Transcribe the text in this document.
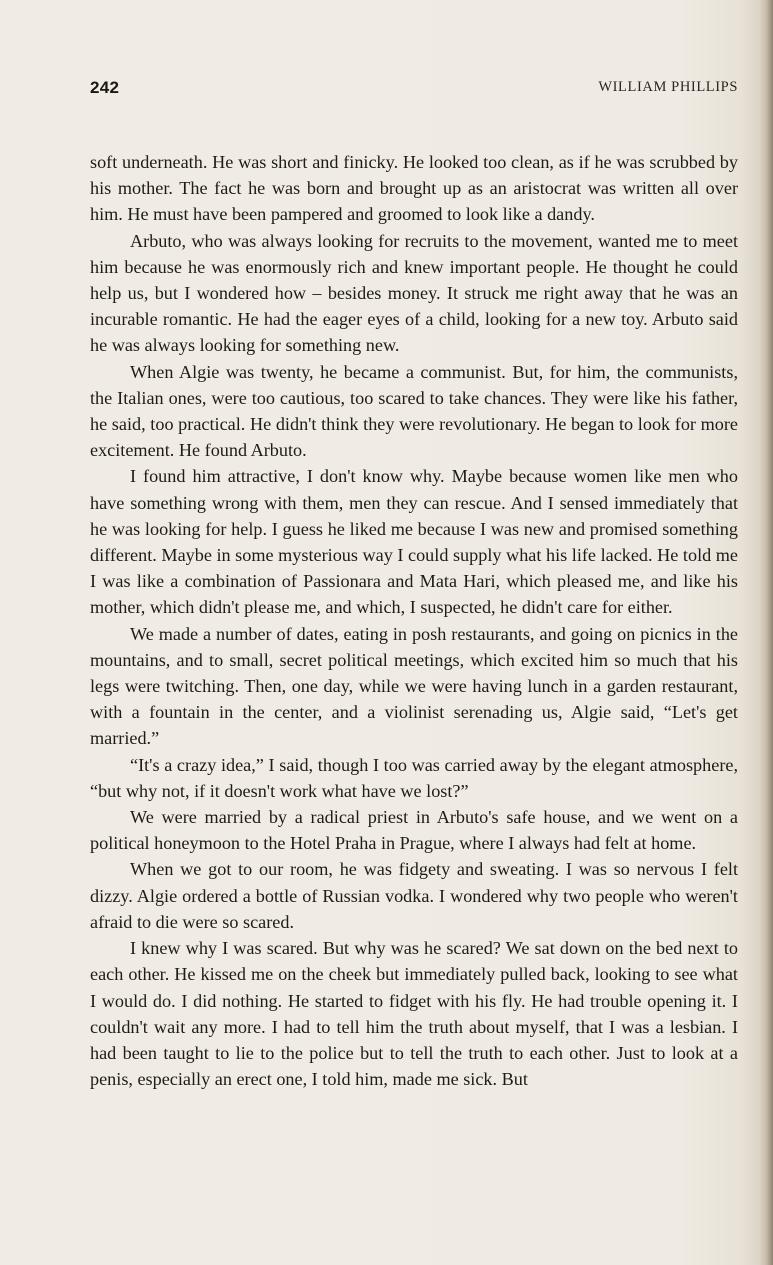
242	WILLIAM PHILLIPS

soft underneath. He was short and finicky. He looked too clean, as if he was scrubbed by his mother. The fact he was born and brought up as an aristocrat was written all over him. He must have been pampered and groomed to look like a dandy.

Arbuto, who was always looking for recruits to the movement, wanted me to meet him because he was enormously rich and knew important people. He thought he could help us, but I wondered how – besides money. It struck me right away that he was an incurable romantic. He had the eager eyes of a child, looking for a new toy. Arbuto said he was always looking for something new.

When Algie was twenty, he became a communist. But, for him, the communists, the Italian ones, were too cautious, too scared to take chances. They were like his father, he said, too practical. He didn't think they were revolutionary. He began to look for more excitement. He found Arbuto.

I found him attractive, I don't know why. Maybe because women like men who have something wrong with them, men they can rescue. And I sensed immediately that he was looking for help. I guess he liked me because I was new and promised something different. Maybe in some mysterious way I could supply what his life lacked. He told me I was like a combination of Passionara and Mata Hari, which pleased me, and like his mother, which didn't please me, and which, I suspected, he didn't care for either.

We made a number of dates, eating in posh restaurants, and going on picnics in the mountains, and to small, secret political meetings, which excited him so much that his legs were twitching. Then, one day, while we were having lunch in a garden restaurant, with a fountain in the center, and a violinist serenading us, Algie said, “Let's get married.”

“It's a crazy idea,” I said, though I too was carried away by the elegant atmosphere, “but why not, if it doesn't work what have we lost?”

We were married by a radical priest in Arbuto's safe house, and we went on a political honeymoon to the Hotel Praha in Prague, where I always had felt at home.

When we got to our room, he was fidgety and sweating. I was so nervous I felt dizzy. Algie ordered a bottle of Russian vodka. I wondered why two people who weren't afraid to die were so scared.

I knew why I was scared. But why was he scared? We sat down on the bed next to each other. He kissed me on the cheek but immediately pulled back, looking to see what I would do. I did nothing. He started to fidget with his fly. He had trouble opening it. I couldn't wait any more. I had to tell him the truth about myself, that I was a lesbian. I had been taught to lie to the police but to tell the truth to each other. Just to look at a penis, especially an erect one, I told him, made me sick. But
